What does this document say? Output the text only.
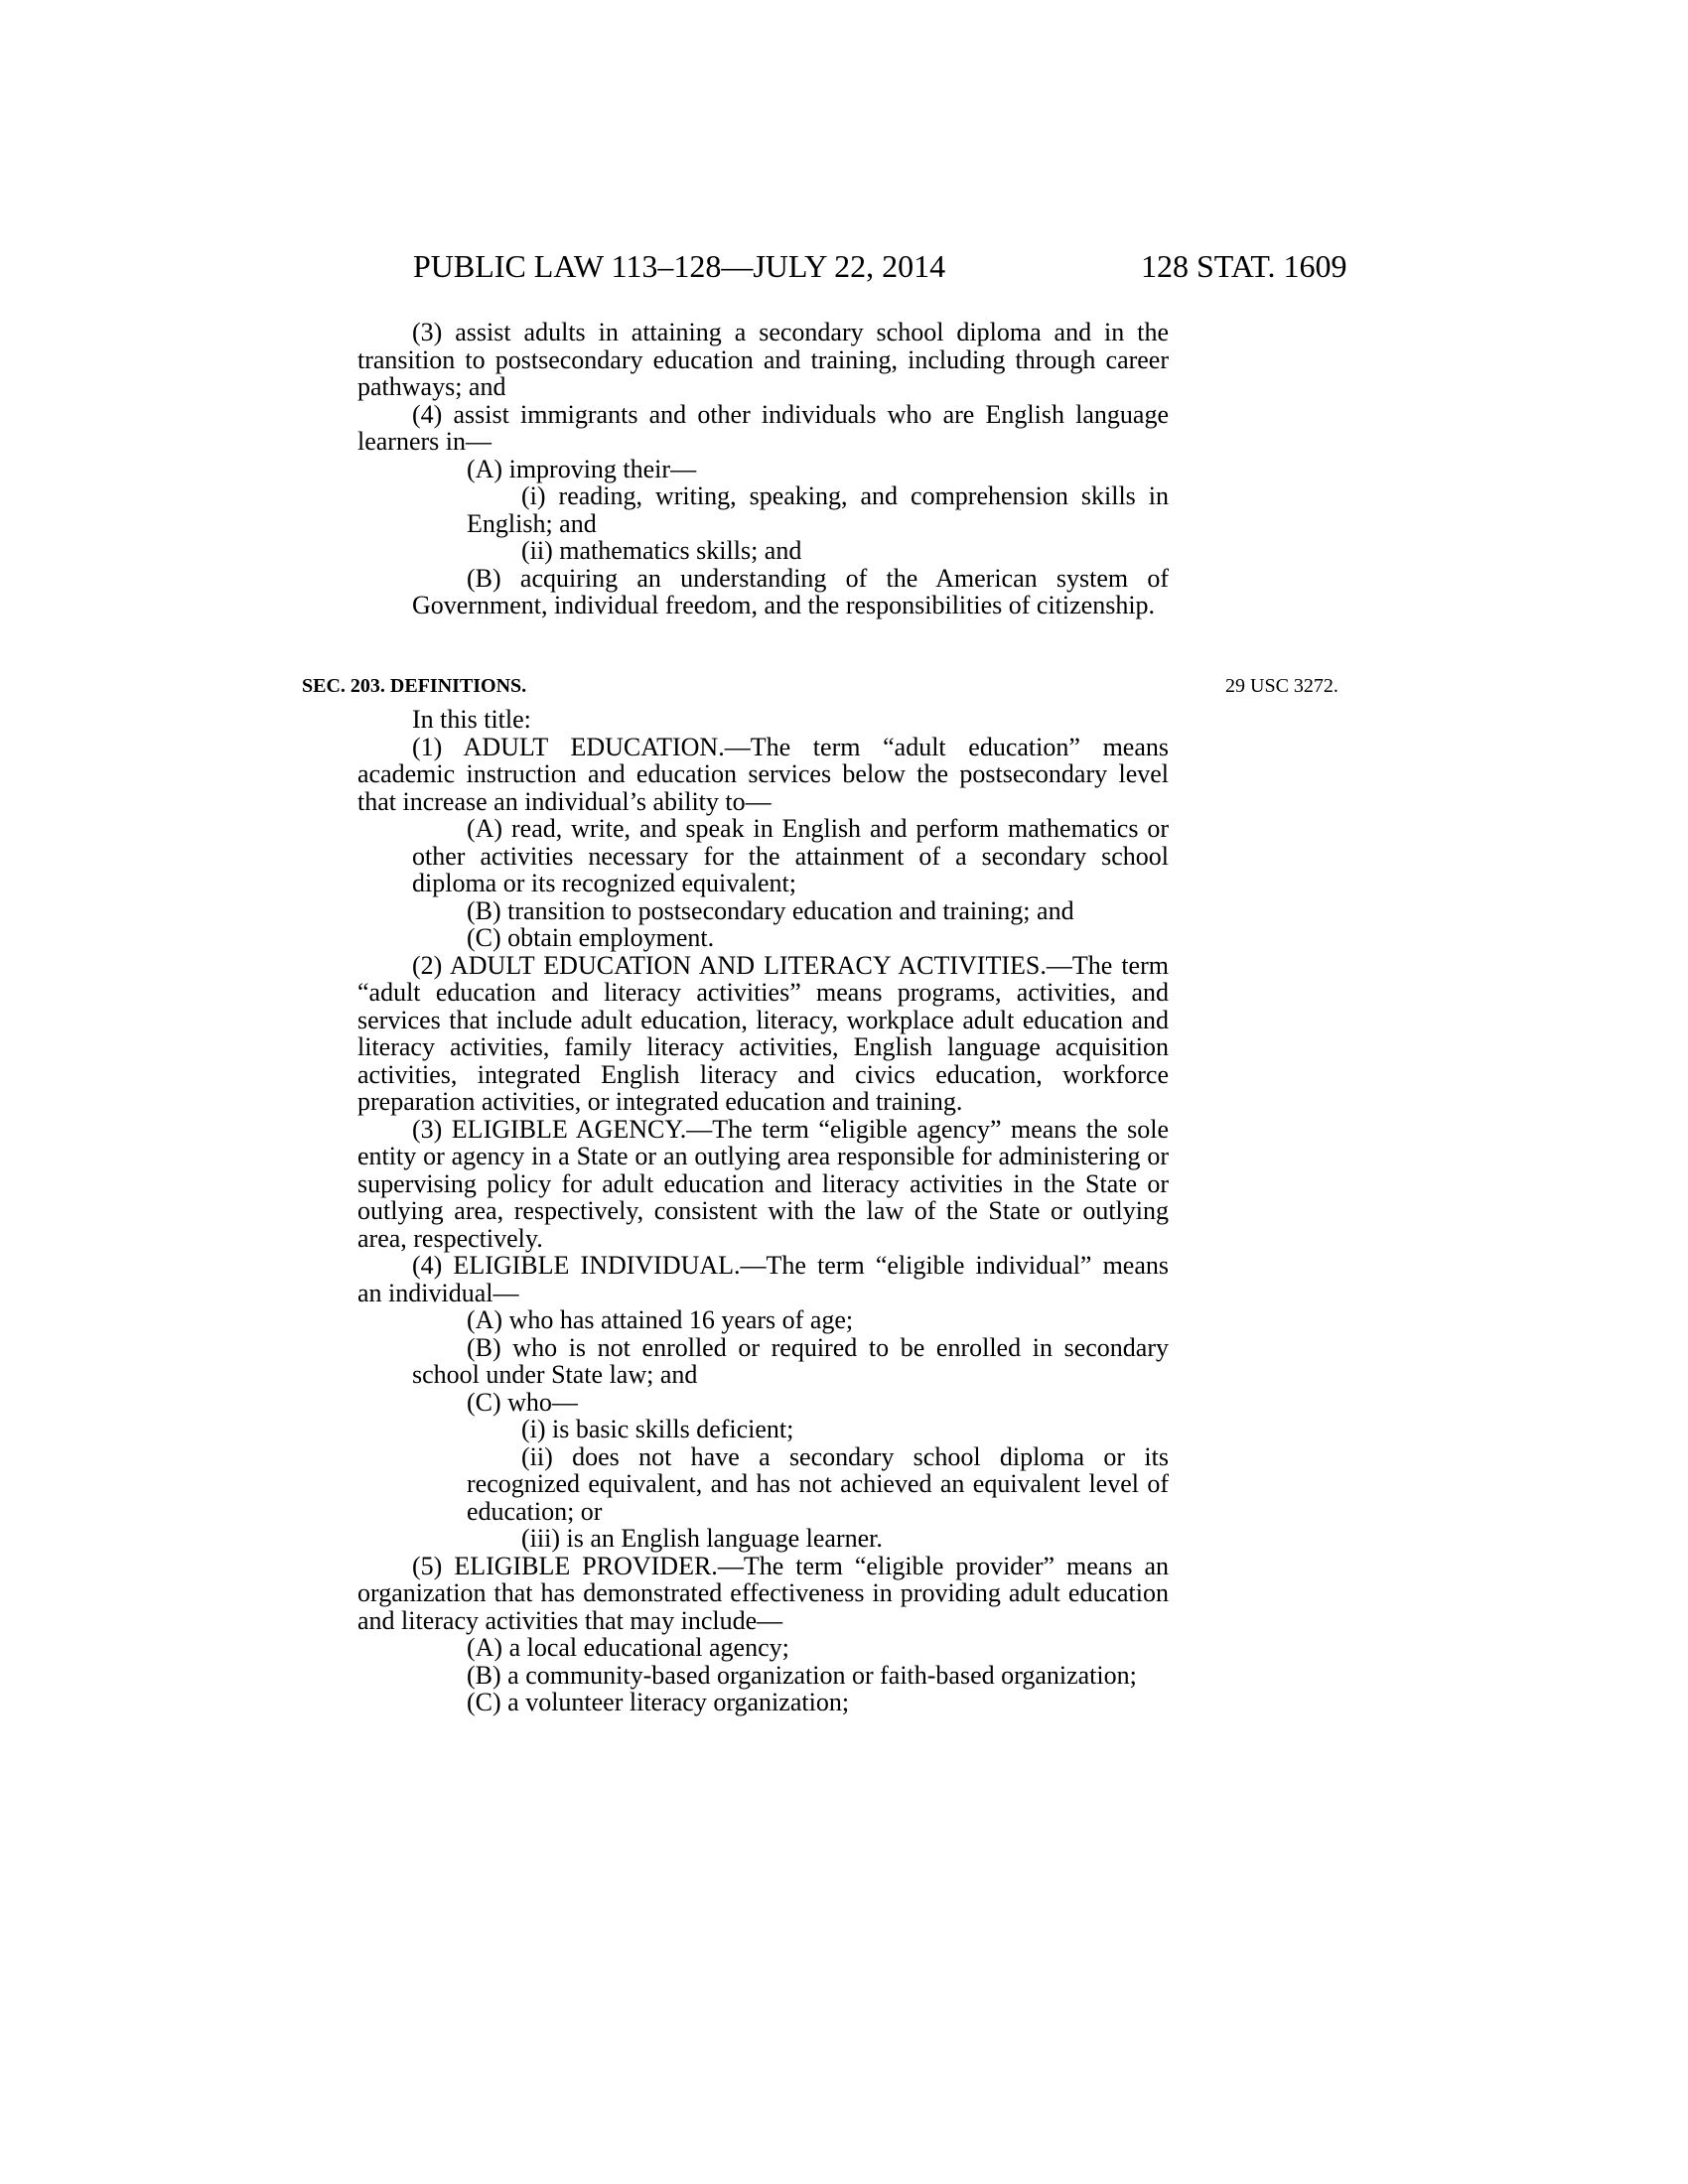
PUBLIC LAW 113–128—JULY 22, 2014	128 STAT. 1609

(3) assist adults in attaining a secondary school diploma and in the transition to postsecondary education and training, including through career pathways; and

(4) assist immigrants and other individuals who are English language learners in—

(A) improving their—

(i) reading, writing, speaking, and comprehension skills in English; and

(ii) mathematics skills; and

(B) acquiring an understanding of the American system of Government, individual freedom, and the responsibilities of citizenship.

SEC. 203. DEFINITIONS.	29 USC 3272.

In this title:

(1) ADULT EDUCATION.—The term “adult education” means academic instruction and education services below the postsecondary level that increase an individual’s ability to—

(A) read, write, and speak in English and perform mathematics or other activities necessary for the attainment of a secondary school diploma or its recognized equivalent;

(B) transition to postsecondary education and training; and

(C) obtain employment.

(2) ADULT EDUCATION AND LITERACY ACTIVITIES.—The term “adult education and literacy activities” means programs, activities, and services that include adult education, literacy, workplace adult education and literacy activities, family literacy activities, English language acquisition activities, integrated English literacy and civics education, workforce preparation activities, or integrated education and training.

(3) ELIGIBLE AGENCY.—The term “eligible agency” means the sole entity or agency in a State or an outlying area responsible for administering or supervising policy for adult education and literacy activities in the State or outlying area, respectively, consistent with the law of the State or outlying area, respectively.

(4) ELIGIBLE INDIVIDUAL.—The term “eligible individual” means an individual—

(A) who has attained 16 years of age;

(B) who is not enrolled or required to be enrolled in secondary school under State law; and

(C) who—

(i) is basic skills deficient;

(ii) does not have a secondary school diploma or its recognized equivalent, and has not achieved an equivalent level of education; or

(iii) is an English language learner.

(5) ELIGIBLE PROVIDER.—The term “eligible provider” means an organization that has demonstrated effectiveness in providing adult education and literacy activities that may include—

(A) a local educational agency;

(B) a community-based organization or faith-based organization;

(C) a volunteer literacy organization;
